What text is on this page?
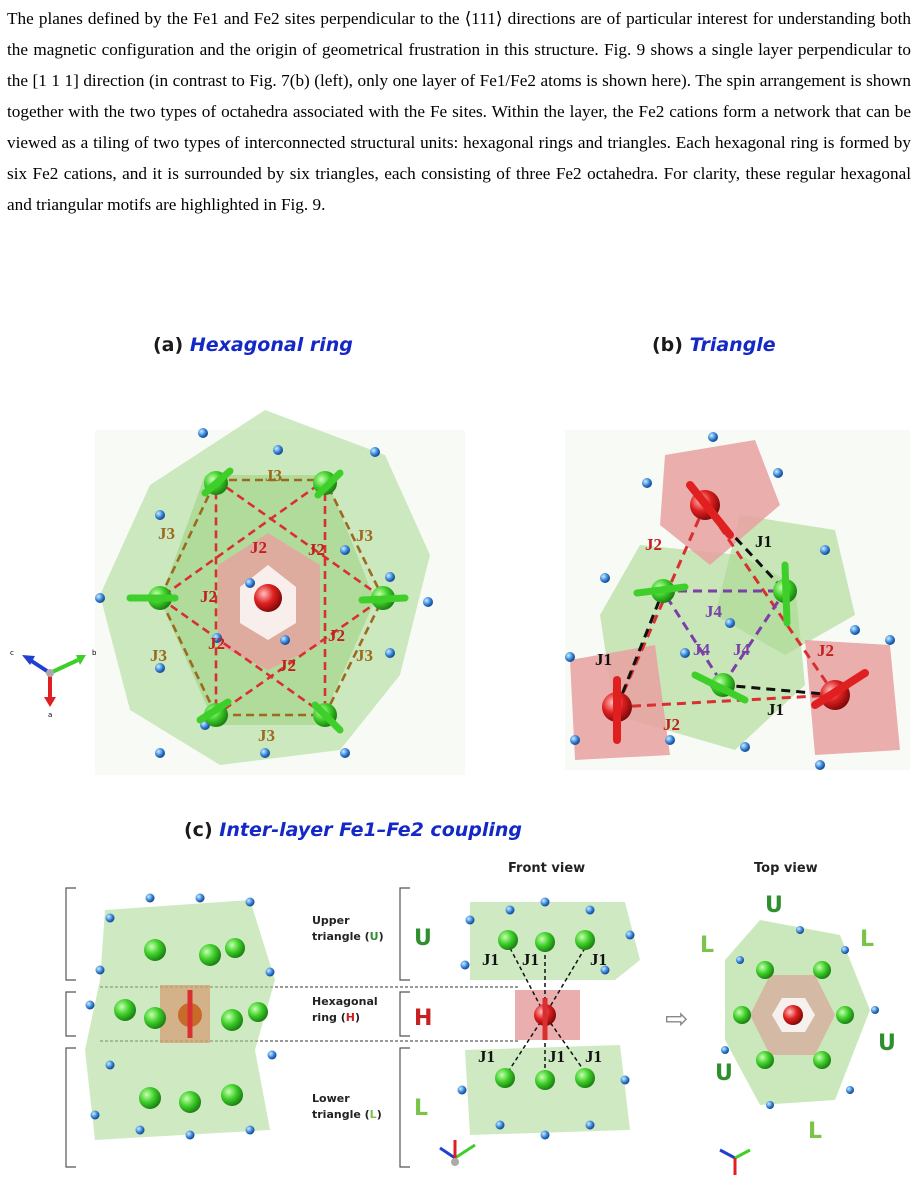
The planes defined by the Fe1 and Fe2 sites perpendicular to the ⟨111⟩ directions are of particular interest for understanding both the magnetic configuration and the origin of geometrical frustration in this structure. Fig. 9 shows a single layer perpendicular to the [1 1 1] direction (in contrast to Fig. 7(b) (left), only one layer of Fe1/Fe2 atoms is shown here). The spin arrangement is shown together with the two types of octahedra associated with the Fe sites. Within the layer, the Fe2 cations form a network that can be viewed as a tiling of two types of interconnected structural units: hexagonal rings and triangles. Each hexagonal ring is formed by six Fe2 cations, and it is surrounded by six triangles, each consisting of three Fe2 octahedra. For clarity, these regular hexagonal and triangular motifs are highlighted in Fig. 9.

(a) Hexagonal ring	(b) Triangle
J3
J3	J3
J3	J3
J3
J2 J2
J2
J2
J2
J2
c	b
a
J2	J1
J4
J4 J4
J1	J2
J2
J1
(c) Inter-layer Fe1–Fe2 coupling
Front view	Top view
Upper
triangle (U)
Hexagonal
ring (H)
Lower
triangle (L)
U
H
L
J1 J1	J1
J1	J1 J1
⇨
U
L
L
U
U
L
